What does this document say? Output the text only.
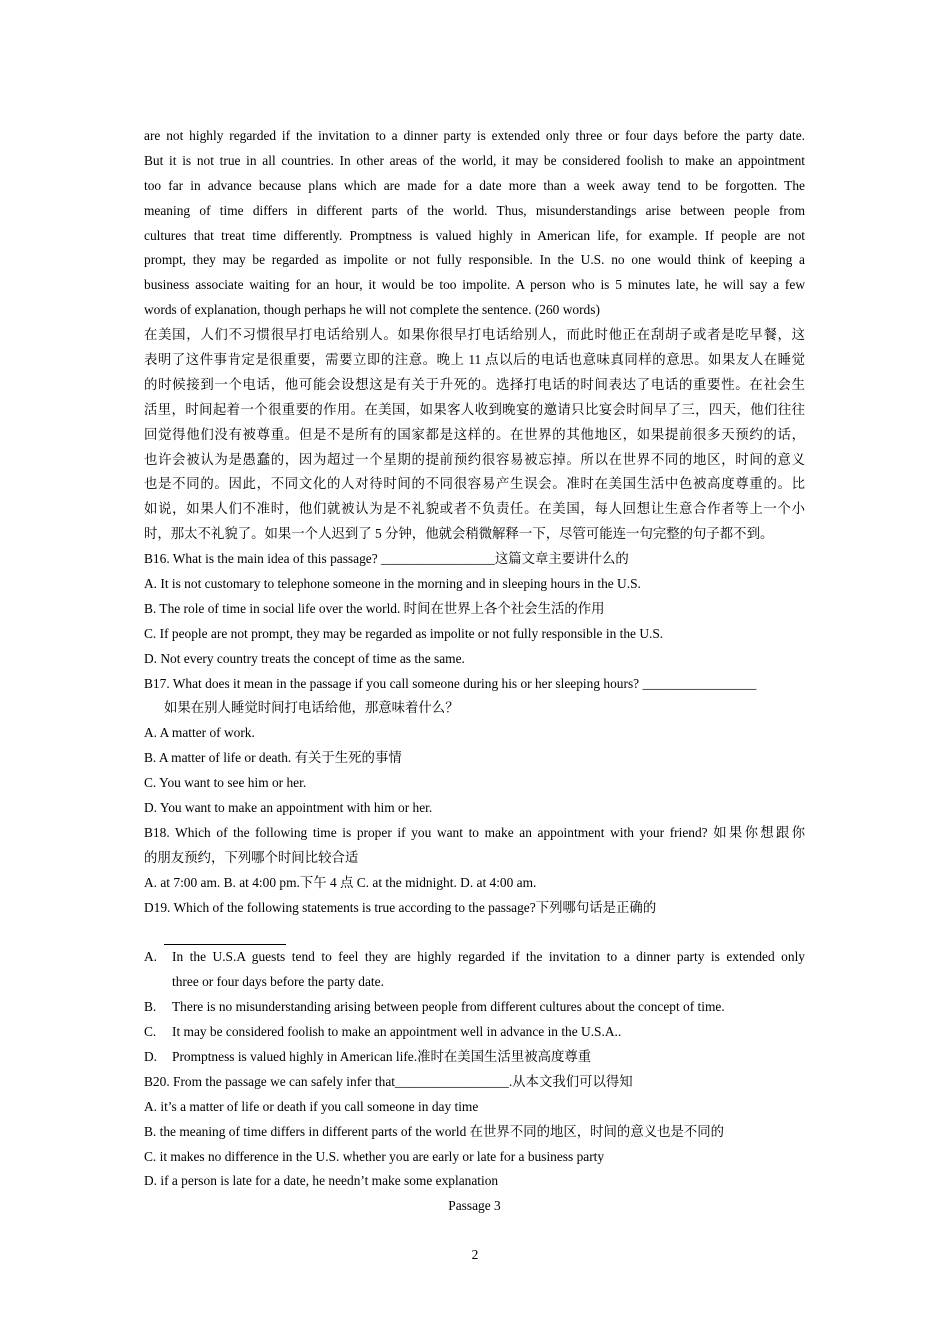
are not highly regarded if the invitation to a dinner party is extended only three or four days before the party date.
But it is not true in all countries. In other areas of the world, it may be considered foolish to make an appointment
too far in advance because plans which are made for a date more than a week away tend to be forgotten. The
meaning of time differs in different parts of the world. Thus, misunderstandings arise between people from
cultures that treat time differently. Promptness is valued highly in American life, for example. If people are not
prompt, they may be regarded as impolite or not fully responsible. In the U.S. no one would think of keeping a
business associate waiting for an hour, it would be too impolite. A person who is 5 minutes late, he will say a few
words of explanation, though perhaps he will not complete the sentence. (260 words)
在美国，人们不习惯很早打电话给别人。如果你很早打电话给别人，而此时他正在刮胡子或者是吃早餐，这
表明了这件事肯定是很重要，需要立即的注意。晚上 11 点以后的电话也意味真同样的意思。如果友人在睡觉
的时候接到一个电话，他可能会设想这是有关于升死的。选择打电话的时间表达了电话的重要性。在社会生
活里，时间起着一个很重要的作用。在美国，如果客人收到晚宴的邀请只比宴会时间早了三，四天，他们往往
回觉得他们没有被尊重。但是不是所有的国家都是这样的。在世界的其他地区，如果提前很多天预约的话，
也许会被认为是愚蠢的，因为超过一个星期的提前预约很容易被忘掉。所以在世界不同的地区，时间的意义
也是不同的。因此，不同文化的人对待时间的不同很容易产生误会。准时在美国生活中色被高度尊重的。比
如说，如果人们不准时，他们就被认为是不礼貌或者不负责任。在美国，每人回想让生意合作者等上一个小
时，那太不礼貌了。如果一个人迟到了 5 分钟，他就会稍微解释一下，尽管可能连一句完整的句子都不到。
B16. What is the main idea of this passage? _________________这篇文章主要讲什么的
A. It is not customary to telephone someone in the morning and in sleeping hours in the U.S.
B. The role of time in social life over the world. 时间在世界上各个社会生活的作用
C. If people are not prompt, they may be regarded as impolite or not fully responsible in the U.S.
D. Not every country treats the concept of time as the same.
B17. What does it mean in the passage if you call someone during his or her sleeping hours? _________________
如果在别人睡觉时间打电话给他，那意味着什么？
A. A matter of work.
B. A matter of life or death. 有关于生死的事情
C. You want to see him or her.
D. You want to make an appointment with him or her.
B18. Which of the following time is proper if you want to make an appointment with your friend? 如果你想跟你
的朋友预约，下列哪个时间比较合适
A. at 7:00 am. B. at 4:00 pm.下午 4 点 C. at the midnight. D. at 4:00 am.
D19. Which of the following statements is true according to the passage?下列哪句话是正确的
A. In the U.S.A guests tend to feel they are highly regarded if the invitation to a dinner party is extended only
three or four days before the party date.
B. There is no misunderstanding arising between people from different cultures about the concept of time.
C. It may be considered foolish to make an appointment well in advance in the U.S.A..
D. Promptness is valued highly in American life.准时在美国生活里被高度尊重
B20. From the passage we can safely infer that_________________.从本文我们可以得知
A. it’s a matter of life or death if you call someone in day time
B. the meaning of time differs in different parts of the world 在世界不同的地区，时间的意义也是不同的
C. it makes no difference in the U.S. whether you are early or late for a business party
D. if a person is late for a date, he needn’t make some explanation
Passage 3
2
